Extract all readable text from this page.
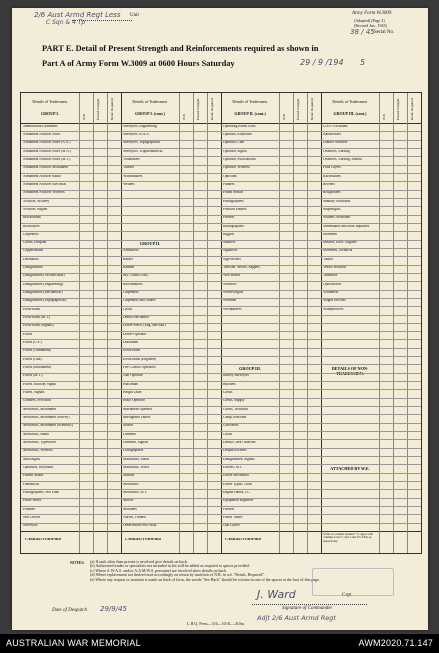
2/6 Aust Armd Regt Less
C Sqn & 4 Tp
Unit	Army Form W.3009
(Adapted) (Page 2)
(Revised Jan., 1943)
38 / 45 Serial No.
PART E. Detail of Present Strength and Reinforcements required as shown in
Part A of Army Form W.3009 at 0600 Hours Saturday	29 / 9 /194 5
Details of Tradesmen.
GROUP I.	W.E.	Posted Strength	Reinf. Required
Ammunition Examiners
Armament Artificer Fitter
Armament Artificer Fitter (A.A.)
Armament Artificer Fitter (M.A.)
Armament Artificer Fitter (M.T.)
Armament Artificer Instrument
Armament Artificer Radio
Armament Artificer Electrical
Armament Artificer Wireless
Artificer, Artillery
Artificer, Engine
Blacksmiths
Bricklayers
Carpenters
Clerks, Hospital
Coppersmiths
Detonators
Draughtsmen
Draughtsmen (Architectural)
Draughtsmen (Engineering)
Draughtsmen (Mechanical)
Draughtsmen (Topographical)
Electricians
Electricians (M.T.)
Electricians (Signals)
Fitters
Fitters (G.F.)
Fitters (Armament)
Fitters (Gun)
Fitters (Instrument)
Fitters (M.T.)
Fitters, Railway Signal
Fitters, Signals
Grinders, Precision
Mechanics, Instrument
Mechanics, Instrument (Survey)
Mechanics, Instrument (Scientific)
Mechanics, Radio
Mechanics, Typewriter
Mechanics, Wireless
Millwrights
Operators, Keyboard
Pattern Maker
Pharmacist
Photographers, Hot Plate
Photo-writer
Plumber
Saw Doctor
Surveyors
Details of Tradesmen.
GROUP I. (cont.)	W.E.	Posted Strength	Reinf. Required
Surveyors, Engineering
Surveyors, R.A.A.
Surveyors, Topographical
Surveyors, Trigonometrical
Toolmakers
Turners
Watchmakers
Welders
GROUP II.
Armourers
Bakers
Batmen
Bty. Comd's Asst.
Boilermakers
Carpenters
Carpenters and Joiners
Cooks
Dental Mechanics
Driver-Mech. (Eng. and Rail)
Driver-Operator
Draftsmen
Electricians
Electricians (Engineer)
Fire Control Operators
Gun Operator
Hutchman
Height Taker
Hollo Operator
Instrument Operator
Intelligence Duties
Joiners
Linemen
Linemen, Signals
Lithographers
Machinists, Metal
Machinists, Wood
Masons
Mechanics
Mechanics, M.T.
Millers
Moulders
Nurses, Trained
Observation Post Assts.
Details of Tradesmen.
GROUP II. (cont.)	W.E.	Posted Strength	Reinf. Required
Operating Room Assts.
Operator, Keyboard
Operator, Line
Operator, Signal
Operator, Switchboard
Operator, Wireless
Opticians
Painters
Pound Sexton
Photographers
Position Finders
Printers
Radiographers
Riggers
Saddlers
Signallers
Sign-writers
Telecom. Mechs, Sappers
Wall Borers
Wheelers
Wheelwrights
Wiremen
Woodturners
GROUP III.
Battery Surveyors
Butchers
Clerks
Clerks, Supply
Clerks, Technical
Camp Telecoms
Concreters
Cooks
Dental Clerk Orderlies
Despatch Riders
Draughtsmen, Signals
Drivers, M.T.
Driver Mechanics
Driver Typist, Clerk
Engine Hands, I.C.
Equipment Repairers
Farriers
Fitters' Mates
Gun Layers
Details of Tradesmen.
GROUP III. (cont.)	W.E.	Posted Strength	Reinf. Required
G.P.O. Assistants
Hairdressers
Leather Stitchers
Orderlies, Nursing
Orderlies, Nursing, Mental
Plate Layers
Razorblades
Riveters
Roughriders
Sanitary Assistants
Shipwrights
Soldiers Assistants
Shoemakers and Boot Repairers
Storemen
Strikers, Elect. Engines
Storemen, Technical
Tailors
Textile Refitters
Tinsmiths
Upholsterers
Volunteers
Wagon Erectors
Waterproofers
DETAILS OF NON-TRADESMEN.
ATTACHED BY W.E.
CARRIED FORWARD	CARRIED FORWARD	CARRIED FORWARD
Totals of columns marked * to agree with columns 4 and 7, and 1 and 10 of Part A, respectively.
NOTES. (a) If rank other than private is involved give details on back.
(b) Authorized trades or specialists not included in list will be added as required to spaces provided.
(c) Where A.W.A.S. and/or A.A.M.W.S. personnel are involved show details on back.
(d) Where replacement not desired note accordingly on return by insertion of N.R. in col. "Reinfs. Required".
(e) Where any request or notation is made on back of form, the words "See Back" should be written in one of the spaces at the foot of this page.
J. Ward	Capt.
Signature of Commander
Adjt 2/6 Aust Armd Regt
Date of Despatch 29/9/45
L.H.Q. Press—316—10/41—410m.
AUSTRALIAN WAR MEMORIAL	AWM2020.71.147
